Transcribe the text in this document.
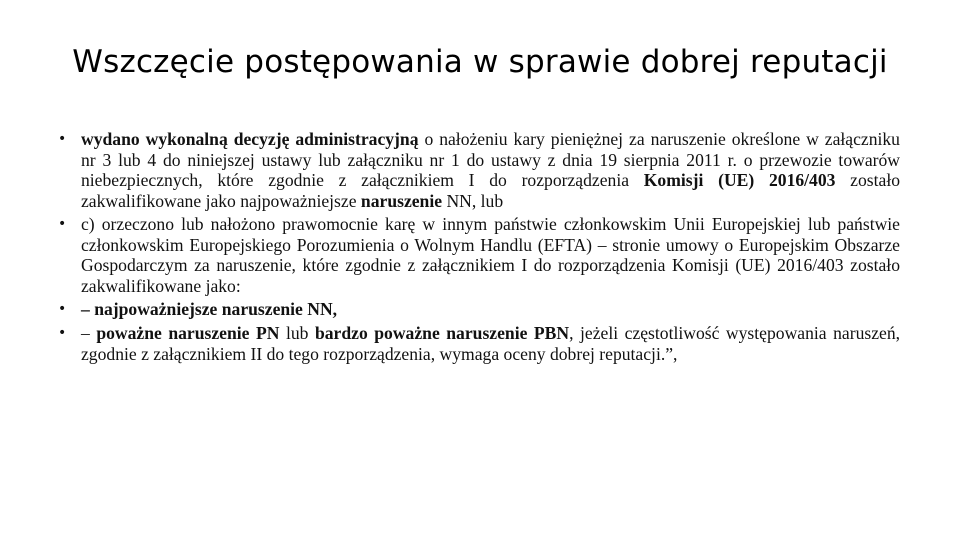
Wszczęcie postępowania w sprawie dobrej reputacji

• wydano wykonalną decyzję administracyjną o nałożeniu kary pieniężnej za naruszenie określone w załączniku nr 3 lub 4 do niniejszej ustawy lub załączniku nr 1 do ustawy z dnia 19 sierpnia 2011 r. o przewozie towarów niebezpiecznych, które zgodnie z załącznikiem I do rozporządzenia Komisji (UE) 2016/403 zostało zakwalifikowane jako najpoważniejsze naruszenie NN, lub

• c) orzeczono lub nałożono prawomocnie karę w innym państwie członkowskim Unii Europejskiej lub państwie członkowskim Europejskiego Porozumienia o Wolnym Handlu (EFTA) – stronie umowy o Europejskim Obszarze Gospodarczym za naruszenie, które zgodnie z załącznikiem I do rozporządzenia Komisji (UE) 2016/403 zostało zakwalifikowane jako:

• – najpoważniejsze naruszenie NN,

• – poważne naruszenie PN lub bardzo poważne naruszenie PBN, jeżeli częstotliwość występowania naruszeń, zgodnie z załącznikiem II do tego rozporządzenia, wymaga oceny dobrej reputacji.”,
